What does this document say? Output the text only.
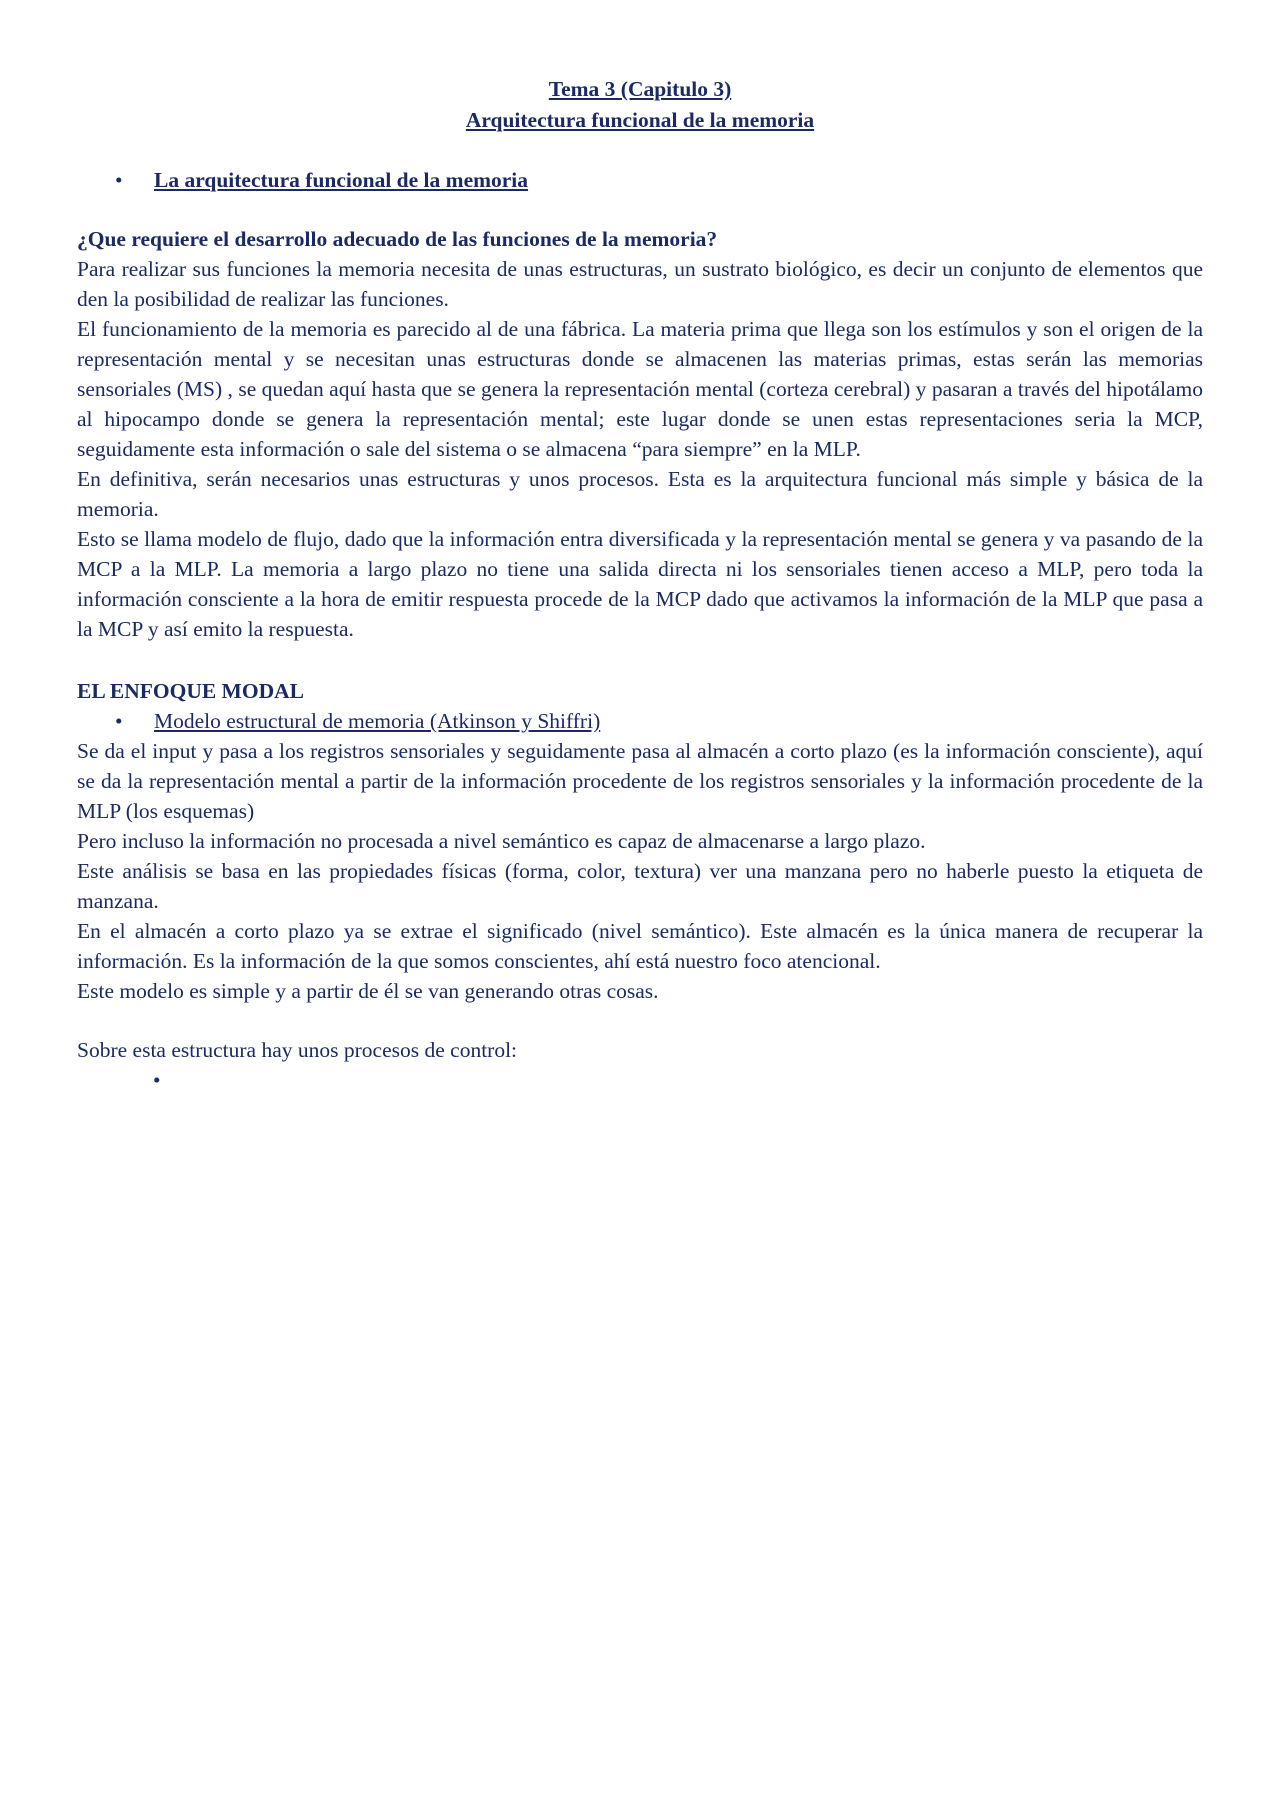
Tema 3 (Capitulo 3)

Arquitectura funcional de la memoria

•	La arquitectura funcional de la memoria

¿Que requiere el desarrollo adecuado de las funciones de la memoria?

Para realizar sus funciones la memoria necesita de unas estructuras, un sustrato biológico, es decir un conjunto de elementos que den la posibilidad de realizar las funciones.

El funcionamiento de la memoria es parecido al de una fábrica. La materia prima que llega son los estímulos y son el origen de la representación mental y se necesitan unas estructuras donde se almacenen las materias primas, estas serán las memorias sensoriales (MS) , se quedan aquí hasta que se genera la representación mental (corteza cerebral) y pasaran a través del hipotálamo al hipocampo donde se genera la representación mental; este lugar donde se unen estas representaciones seria la MCP, seguidamente esta información o sale del sistema o se almacena “para siempre” en la MLP.

En definitiva, serán necesarios unas estructuras y unos procesos. Esta es la arquitectura funcional más simple y básica de la memoria.

Esto se llama modelo de flujo, dado que la información entra diversificada y la representación mental se genera y va pasando de la MCP a la MLP. La memoria a largo plazo no tiene una salida directa ni los sensoriales tienen acceso a MLP, pero toda la información consciente a la hora de emitir respuesta procede de la MCP dado que activamos la información de la MLP que pasa a la MCP y así emito la respuesta.

EL ENFOQUE MODAL

•	Modelo estructural de memoria (Atkinson y Shiffri)

Se da el input y pasa a los registros sensoriales y seguidamente pasa al almacén a corto plazo (es la información consciente), aquí se da la representación mental a partir de la información procedente de los registros sensoriales y la información procedente de la MLP (los esquemas)

Pero incluso la información no procesada a nivel semántico es capaz de almacenarse a largo plazo.

Este análisis se basa en las propiedades físicas (forma, color, textura) ver una manzana pero no haberle puesto la etiqueta de manzana.

En el almacén a corto plazo ya se extrae el significado (nivel semántico). Este almacén es la única manera de recuperar la información. Es la información de la que somos conscientes, ahí está nuestro foco atencional.

Este modelo es simple y a partir de él se van generando otras cosas.

Sobre esta estructura hay unos procesos de control:

•
